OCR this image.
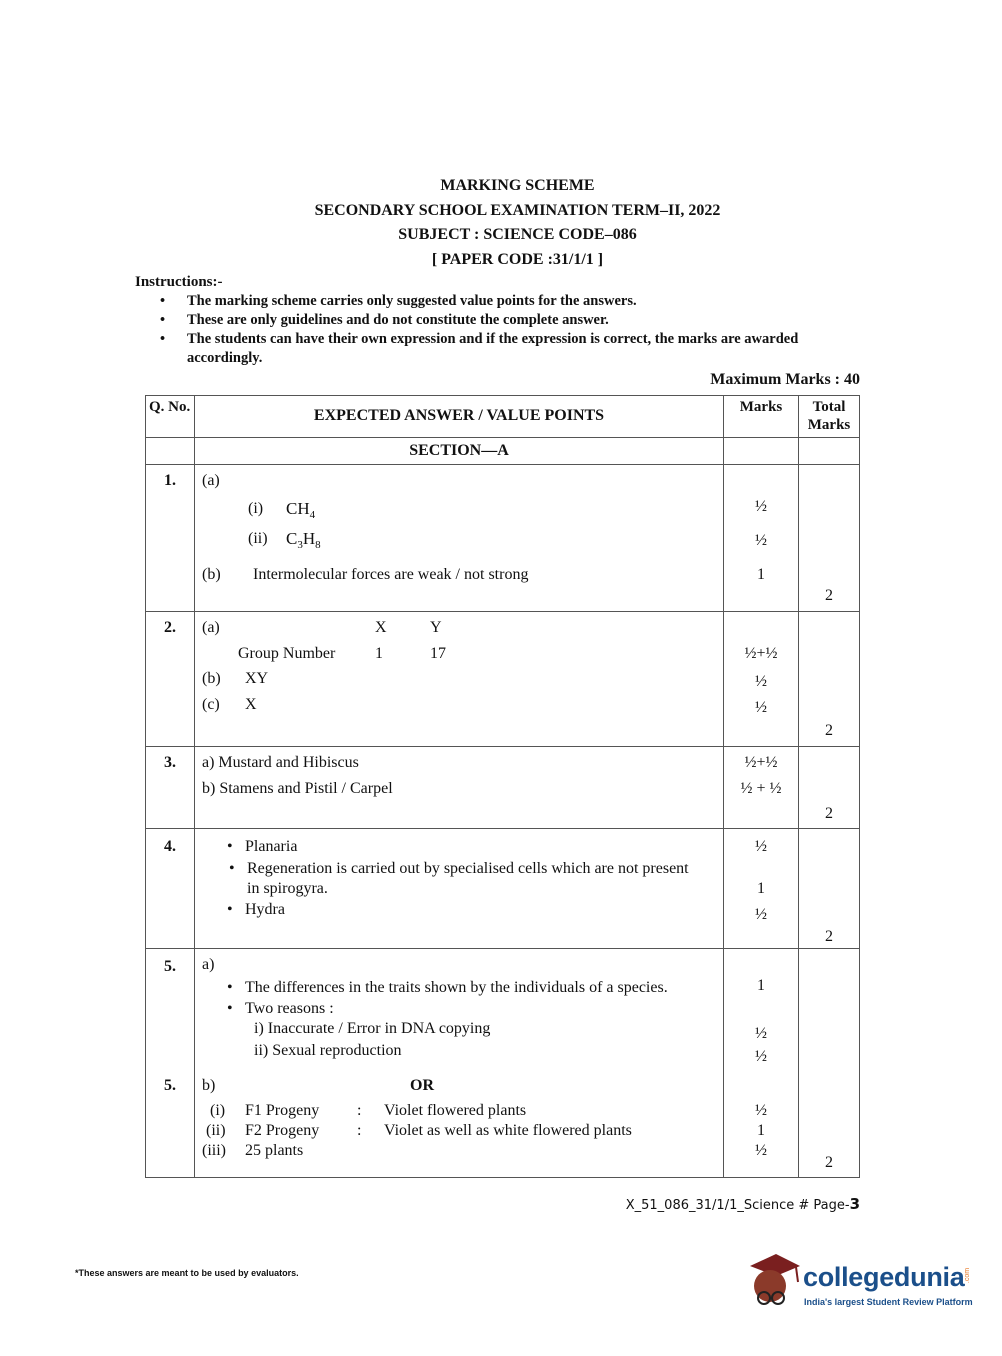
MARKING SCHEME
SECONDARY SCHOOL EXAMINATION TERM–II, 2022
SUBJECT : SCIENCE CODE–086
[ PAPER CODE :31/1/1 ]
Instructions:-
• The marking scheme carries only suggested value points for the answers.
• These are only guidelines and do not constitute the complete answer.
• The students can have their own expression and if the expression is correct, the marks are awarded accordingly.
Maximum Marks : 40
Q. No.	EXPECTED ANSWER / VALUE POINTS	Marks	Total
Marks
SECTION—A
1.	(a)
(i) $CH_4$
(ii) $C_3H_8$
(b) Intermolecular forces are weak / not strong
½
½
1
2
2.	(a)	X	Y
Group Number 1	17
(b) XY
(c) X
½+½
½
½
2
3.	a) Mustard and Hibiscus
b) Stamens and Pistil / Carpel
½+½
½ + ½
2
4.
•	Planaria
• Regeneration is carried out by specialised cells which are not present
in spirogyra.
• Hydra
½
1
½
2
5.	a)
• The differences in the traits shown by the individuals of a species.
• Two reasons :
i) Inaccurate / Error in DNA copying
ii) Sexual reproduction
1
½
½
5.	b)	OR
(i) F1 Progeny : Violet flowered plants
(ii) F2 Progeny : Violet as well as white flowered plants
(iii) 25 plants
½
1
½
2
X_51_086_31/1/1_Science # Page-3
*These answers are meant to be used by evaluators.	collegedunia .com
India's largest Student Review Platform
